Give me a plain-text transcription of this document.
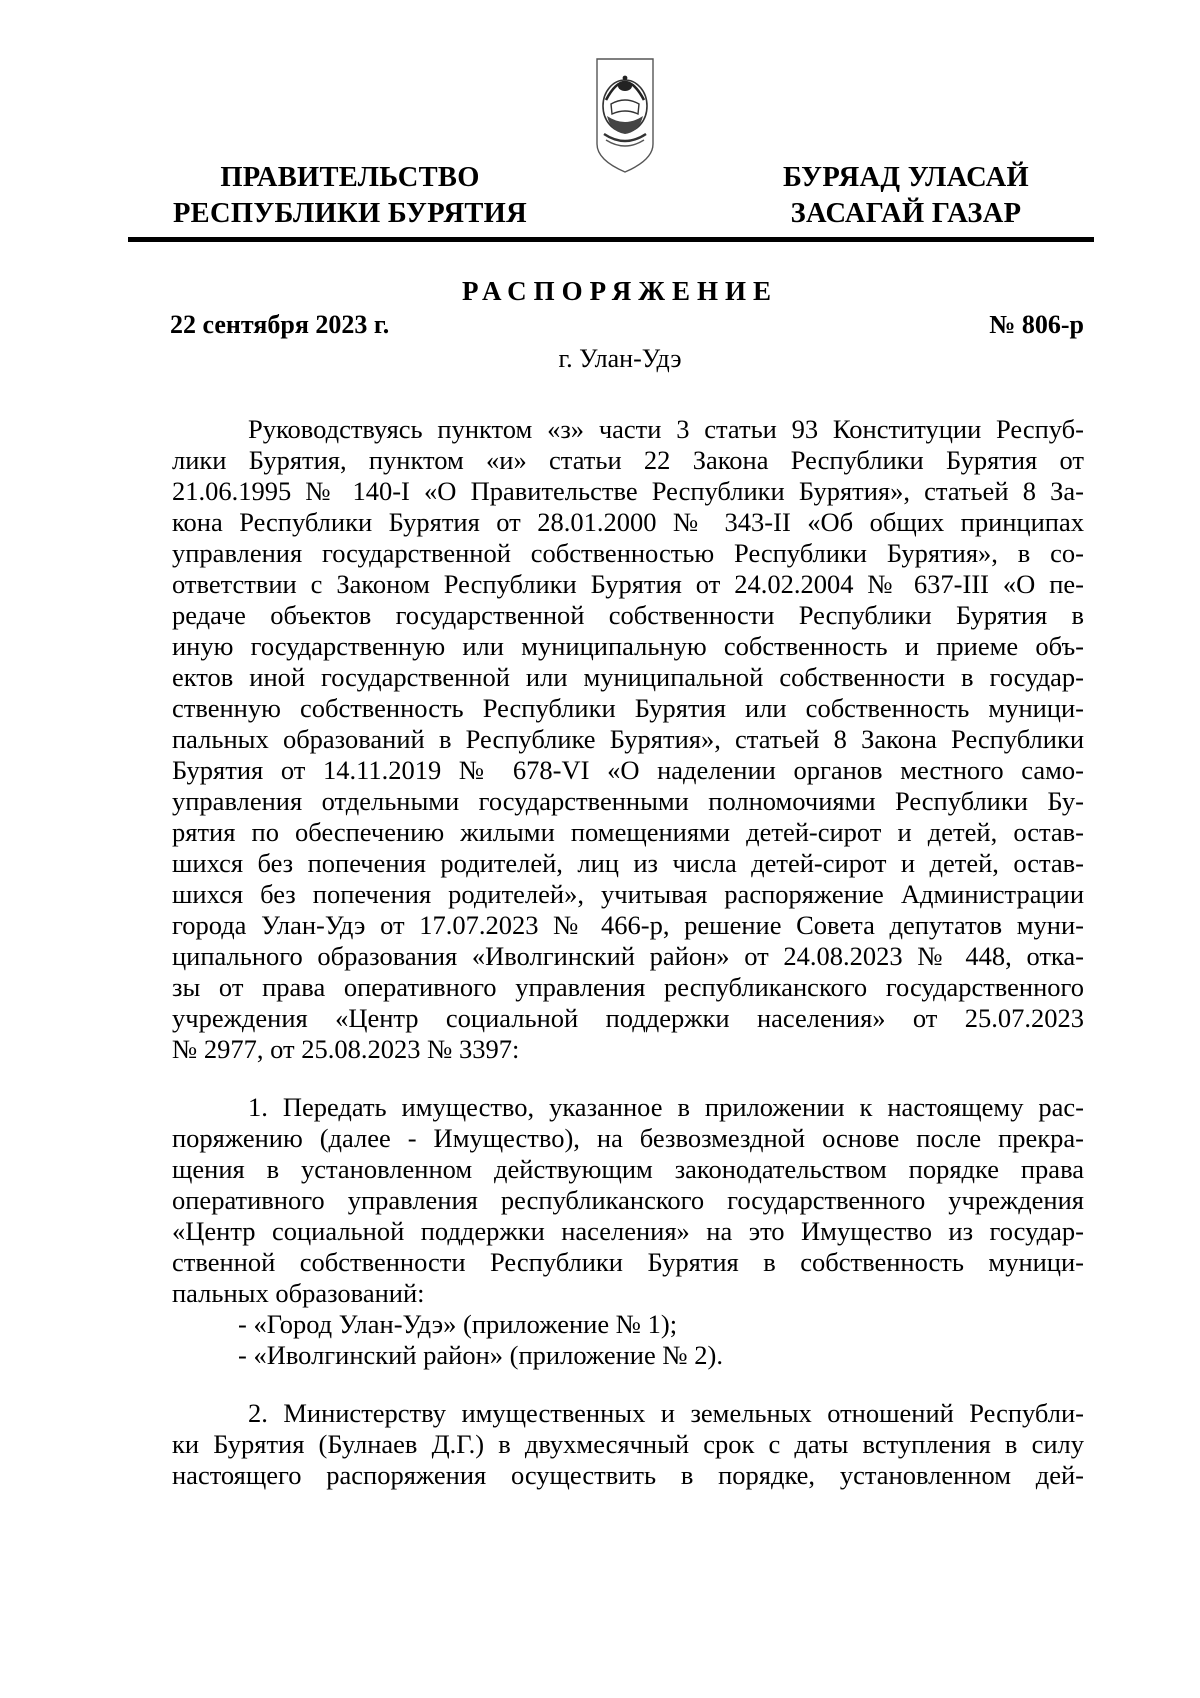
ПРАВИТЕЛЬСТВО
РЕСПУБЛИКИ БУРЯТИЯ
БУРЯАД УЛАСАЙ
ЗАСАГАЙ ГАЗАР
РАСПОРЯЖЕНИЕ
22 сентября 2023 г.	№ 806-р
г. Улан-Удэ
Руководствуясь пунктом «з» части 3 статьи 93 Конституции Респуб-
лики Бурятия, пунктом «и» статьи 22 Закона Республики Бурятия от
21.06.1995 № 140-I «О Правительстве Республики Бурятия», статьей 8 За-
кона Республики Бурятия от 28.01.2000 № 343-II «Об общих принципах
управления государственной собственностью Республики Бурятия», в со-
ответствии с Законом Республики Бурятия от 24.02.2004 № 637-III «О пе-
редаче объектов государственной собственности Республики Бурятия в
иную государственную или муниципальную собственность и приеме объ-
ектов иной государственной или муниципальной собственности в государ-
ственную собственность Республики Бурятия или собственность муници-
пальных образований в Республике Бурятия», статьей 8 Закона Республики
Бурятия от 14.11.2019 № 678-VI «О наделении органов местного само-
управления отдельными государственными полномочиями Республики Бу-
рятия по обеспечению жилыми помещениями детей-сирот и детей, остав-
шихся без попечения родителей, лиц из числа детей-сирот и детей, остав-
шихся без попечения родителей», учитывая распоряжение Администрации
города Улан-Удэ от 17.07.2023 № 466-р, решение Совета депутатов муни-
ципального образования «Иволгинский район» от 24.08.2023 № 448, отка-
зы от права оперативного управления республиканского государственного
учреждения «Центр социальной поддержки населения» от 25.07.2023
№ 2977, от 25.08.2023 № 3397:
1. Передать имущество, указанное в приложении к настоящему рас-
поряжению (далее - Имущество), на безвозмездной основе после прекра-
щения в установленном действующим законодательством порядке права
оперативного управления республиканского государственного учреждения
«Центр социальной поддержки населения» на это Имущество из государ-
ственной собственности Республики Бурятия в собственность муници-
пальных образований:
- «Город Улан-Удэ» (приложение № 1);
- «Иволгинский район» (приложение № 2).
2. Министерству имущественных и земельных отношений Республи-
ки Бурятия (Булнаев Д.Г.) в двухмесячный срок с даты вступления в силу
настоящего распоряжения осуществить в порядке, установленном дей-
